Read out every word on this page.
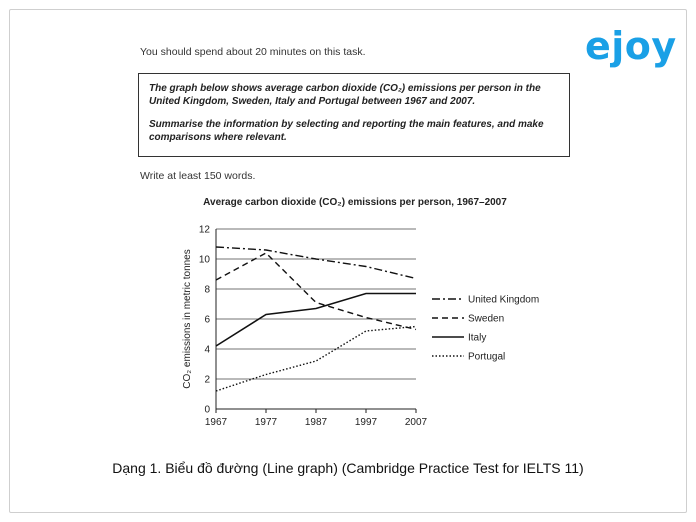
ejoy
You should spend about 20 minutes on this task.

The graph below shows average carbon dioxide (CO₂) emissions per person in the United Kingdom, Sweden, Italy and Portugal between 1967 and 2007.

Summarise the information by selecting and reporting the main features, and make comparisons where relevant.

Write at least 150 words.
Average carbon dioxide (CO₂) emissions per person, 1967–2007
0
2
4
6
8
10
12
1967	1977	1987	1997	2007
CO₂ emissions in metric tonnes	United Kingdom
Sweden
Italy
Portugal
Dạng 1. Biểu đồ đường (Line graph) (Cambridge Practice Test for IELTS 11)
